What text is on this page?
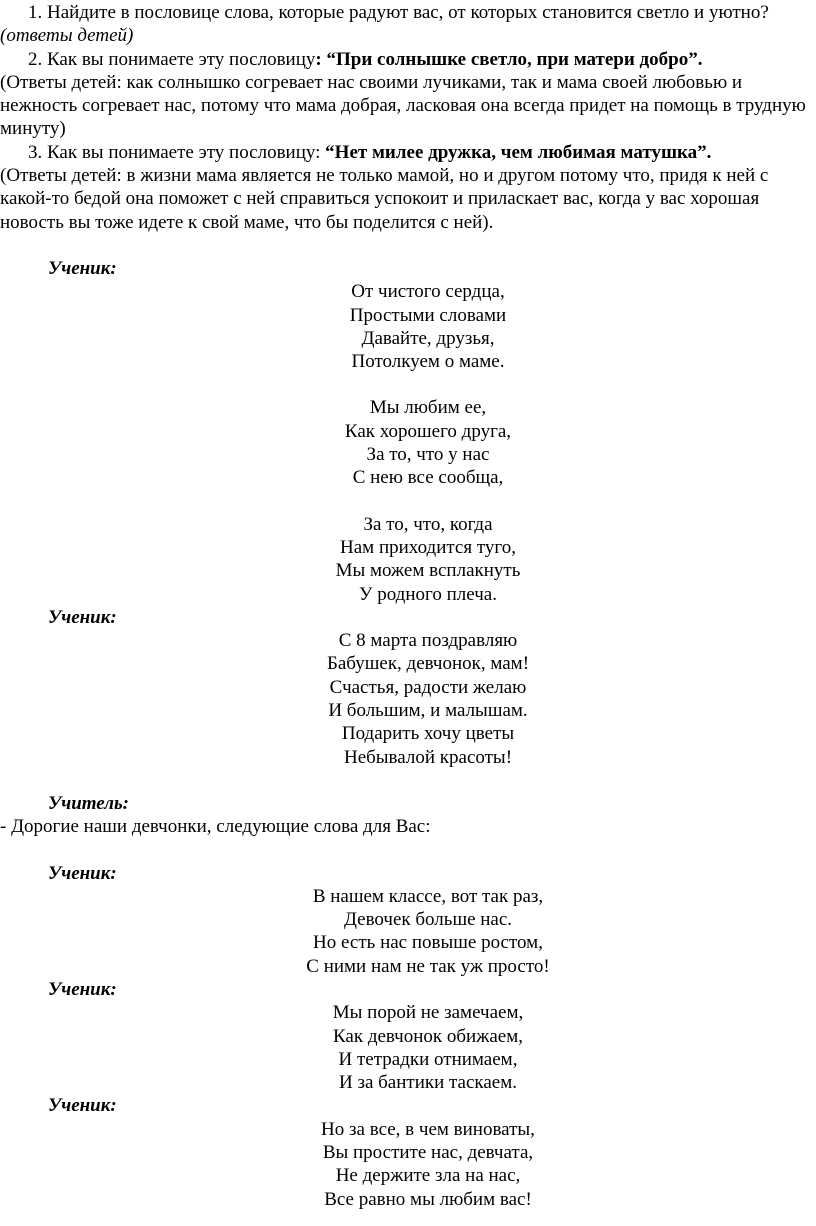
1. Найдите в пословице слова, которые радуют вас, от которых становится светло и уютно? (ответы детей)

2. Как вы понимаете эту пословицу: “При солнышке светло, при матери добро”.

(Ответы детей: как солнышко согревает нас своими лучиками, так и мама своей любовью и нежность согревает нас, потому что мама добрая, ласковая она всегда придет на помощь в трудную минуту)

3. Как вы понимаете эту пословицу: “Нет милее дружка, чем любимая матушка”.

(Ответы детей: в жизни мама является не только мамой, но и другом потому что, придя к ней с какой-то бедой она поможет с ней справиться успокоит и приласкает вас, когда у вас хорошая новость вы тоже идете к свой маме, что бы поделится с ней).

Ученик:

От чистого сердца,

Простыми словами

Давайте, друзья,

Потолкуем о маме.

Мы любим ее,

Как хорошего друга,

За то, что у нас

С нею все сообща,

За то, что, когда

Нам приходится туго,

Мы можем всплакнуть

У родного плеча.

Ученик:

С 8 марта поздравляю

Бабушек, девчонок, мам!

Счастья, радости желаю

И большим, и малышам.

Подарить хочу цветы

Небывалой красоты!

Учитель:

- Дорогие наши девчонки, следующие слова для Вас:

Ученик:

В нашем классе, вот так раз,

Девочек больше нас.

Но есть нас повыше ростом,

С ними нам не так уж просто!

Ученик:

Мы порой не замечаем,

Как девчонок обижаем,

И тетрадки отнимаем,

И за бантики таскаем.

Ученик:

Но за все, в чем виноваты,

Вы простите нас, девчата,

Не держите зла на нас,

Все равно мы любим вас!
